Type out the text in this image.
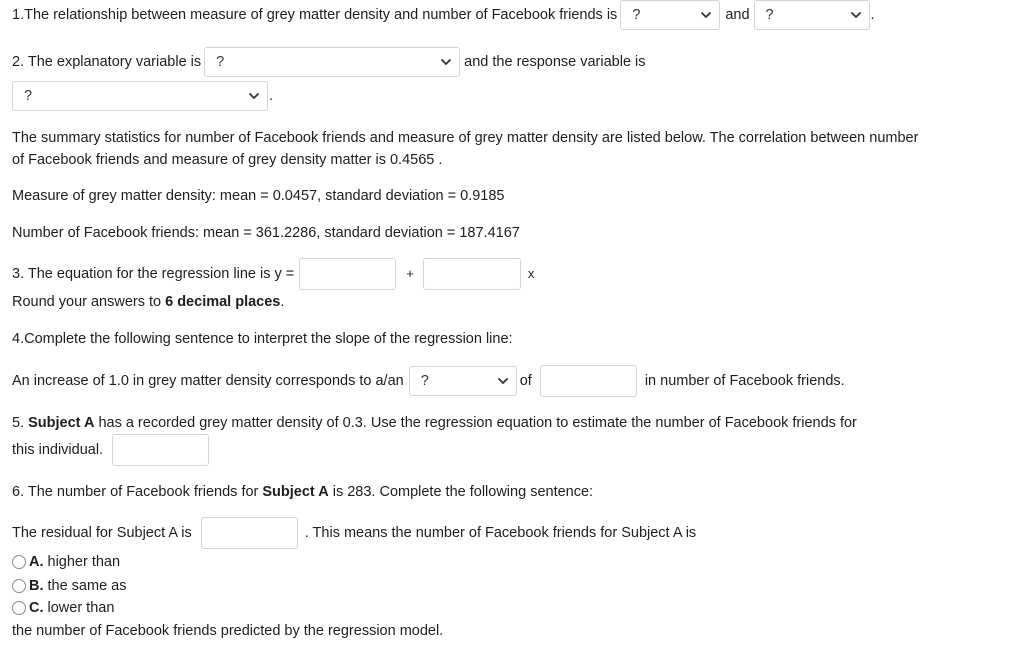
1.The relationship between measure of grey matter density and number of Facebook friends is ?	and ?	.
2. The explanatory variable is ?	and the response variable is
?	.
The summary statistics for number of Facebook friends and measure of grey matter density are listed below. The correlation between number of Facebook friends and measure of grey density matter is 0.4565 .
Measure of grey matter density: mean = 0.0457, standard deviation = 0.9185
Number of Facebook friends: mean = 361.2286, standard deviation = 187.4167
3. The equation for the regression line is y =	+	x
Round your answers to 6 decimal places .
4.Complete the following sentence to interpret the slope of the regression line:
An increase of 1.0 in grey matter density corresponds to a/an ?	of	in number of Facebook friends.
5. Subject A has a recorded grey matter density of 0.3. Use the regression equation to estimate the number of Facebook friends for
this individual.
6. The number of Facebook friends for Subject A is 283. Complete the following sentence:
The residual for Subject A is	. This means the number of Facebook friends for Subject A is
A. higher than
B. the same as
C. lower than
the number of Facebook friends predicted by the regression model.
